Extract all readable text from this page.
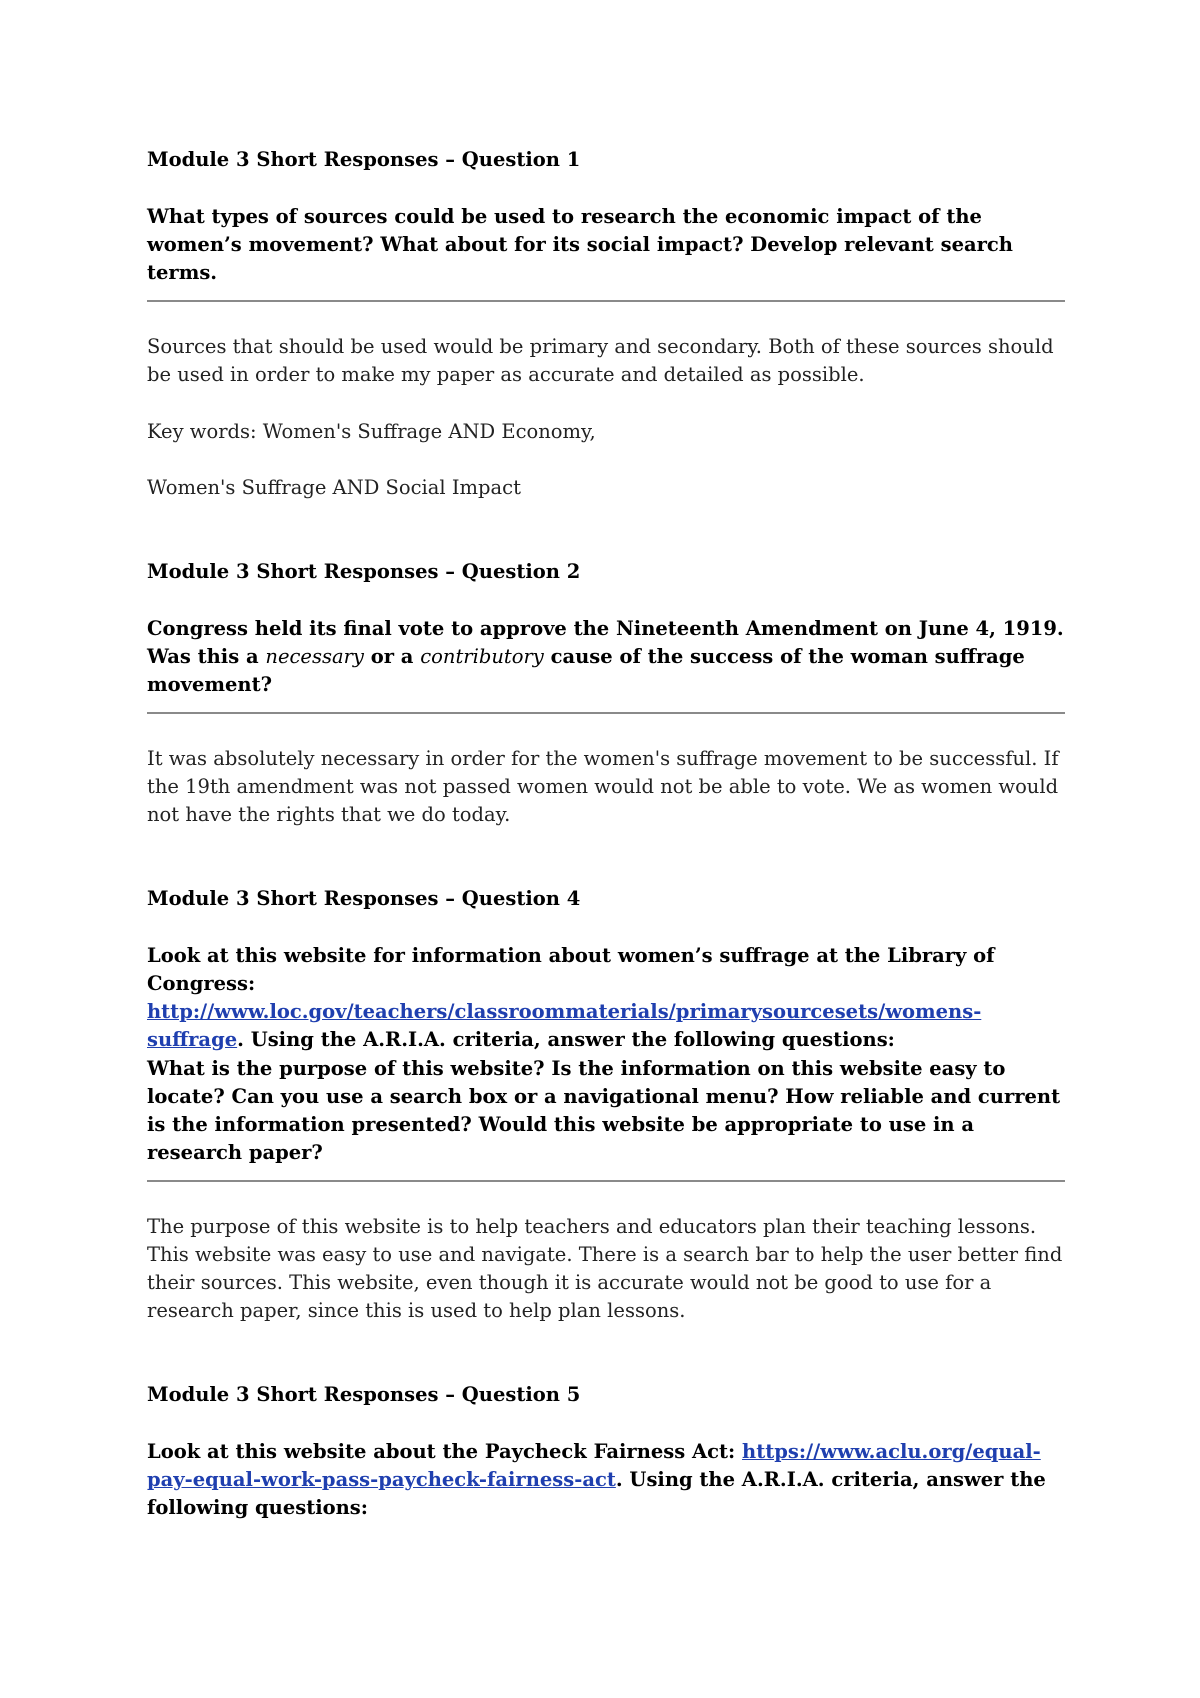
Module 3 Short Responses – Question 1

What types of sources could be used to research the economic impact of the women’s movement? What about for its social impact? Develop relevant search terms.

Sources that should be used would be primary and secondary. Both of these sources should be used in order to make my paper as accurate and detailed as possible.

Key words: Women's Suffrage AND Economy,

Women's Suffrage AND Social Impact

Module 3 Short Responses – Question 2

Congress held its final vote to approve the Nineteenth Amendment on June 4, 1919. Was this a necessary or a contributory cause of the success of the woman suffrage movement?

It was absolutely necessary in order for the women's suffrage movement to be successful. If the 19th amendment was not passed women would not be able to vote. We as women would not have the rights that we do today.

Module 3 Short Responses – Question 4

Look at this website for information about women’s suffrage at the Library of Congress: http://www.loc.gov/teachers/classroommaterials/primarysourcesets/womens-suffrage. Using the A.R.I.A. criteria, answer the following questions:

What is the purpose of this website? Is the information on this website easy to locate? Can you use a search box or a navigational menu? How reliable and current is the information presented? Would this website be appropriate to use in a research paper?

The purpose of this website is to help teachers and educators plan their teaching lessons. This website was easy to use and navigate. There is a search bar to help the user better find their sources. This website, even though it is accurate would not be good to use for a research paper, since this is used to help plan lessons.

Module 3 Short Responses – Question 5

Look at this website about the Paycheck Fairness Act: https://www.aclu.org/equal-pay-equal-work-pass-paycheck-fairness-act. Using the A.R.I.A. criteria, answer the following questions:
